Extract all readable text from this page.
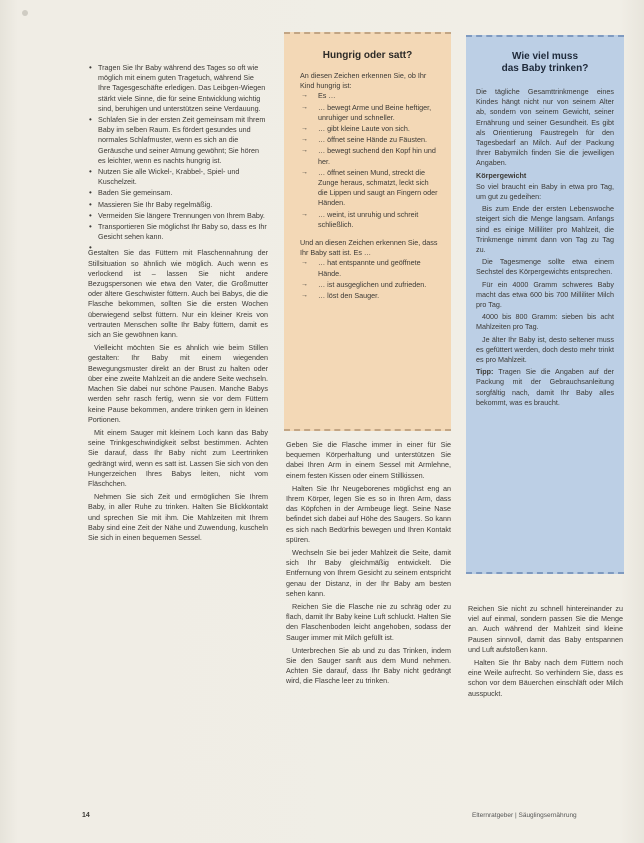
• Tragen Sie Ihr Baby während des Tages so oft wie möglich mit einem guten Tragetuch, während Sie Ihre Tagesgeschäfte erledigen. Das Leibgen-Wiegen stärkt viele Sinne, die für seine Entwicklung wichtig sind, beruhigen und unterstützen seine Verdauung.
• Schlafen Sie in der ersten Zeit gemeinsam mit Ihrem Baby im selben Raum. Es fördert gesundes und normales Schlafmuster, wenn es sich an die Geräusche und seiner Atmung gewöhnt; Sie hören es leichter, wenn es nachts hungrig ist.
• Nutzen Sie alle Wickel-, Krabbel-, Spiel- und Kuschelzeit.
• Baden Sie gemeinsam.
• Massieren Sie Ihr Baby regelmäßig.
• Vermeiden Sie längere Trennungen von Ihrem Baby.
• Transportieren Sie möglichst Ihr Baby so, dass es Ihr Gesicht sehen kann.

Gestalten Sie das Füttern mit Flaschennahrung der Stillsituation so ähnlich wie möglich. Auch wenn es verlockend ist – lassen Sie nicht andere Bezugspersonen wie etwa den Vater, die Großmutter oder ältere Geschwister füttern. Auch bei Babys, die die Flasche bekommen, sollten Sie die ersten Wochen überwiegend selbst füttern. Nur ein kleiner Kreis von vertrauten Menschen sollte Ihr Baby füttern, damit es sich an Sie gewöhnen kann.

Vielleicht möchten Sie es ähnlich wie beim Stillen gestalten: Ihr Baby mit einem wiegenden Bewegungsmuster direkt an der Brust zu halten oder über eine zweite Mahlzeit an die andere Seite wechseln. Machen Sie dabei nur schöne Pausen. Manche Babys werden sehr rasch fertig, wenn sie vor dem Füttern keine Pause bekommen, andere trinken gern in kleinen Portionen.

Mit einem Sauger mit kleinem Loch kann das Baby seine Trinkgeschwindigkeit selbst bestimmen. Achten Sie darauf, dass Ihr Baby nicht zum Leertrinken gedrängt wird, wenn es satt ist. Lassen Sie sich von den Hungerzeichen Ihres Babys leiten, nicht vom Fläschchen.

Nehmen Sie sich Zeit und ermöglichen Sie Ihrem Baby, in aller Ruhe zu trinken. Halten Sie Blickkontakt und sprechen Sie mit ihm. Die Mahlzeiten mit Ihrem Baby sind eine Zeit der Nähe und Zuwendung, kuscheln Sie sich in einen bequemen Sessel.

Hungrig oder satt?

An diesen Zeichen erkennen Sie, ob Ihr Kind hungrig ist:

→ Es …
→ … bewegt Arme und Beine heftiger, unruhiger und schneller.
→ … gibt kleine Laute von sich.
→ … öffnet seine Hände zu Fäusten.
→ … bewegt suchend den Kopf hin und her.
→ … öffnet seinen Mund, streckt die Zunge heraus, schmatzt, leckt sich die Lippen und saugt an Fingern oder Händen.
→ … weint, ist unruhig und schreit schließlich.

Und an diesen Zeichen erkennen Sie, dass Ihr Baby satt ist. Es …

→ … hat entspannte und geöffnete Hände.
→ … ist ausgeglichen und zufrieden.
→ … löst den Sauger.

Geben Sie die Flasche immer in einer für Sie bequemen Körperhaltung und unterstützen Sie dabei Ihren Arm in einem Sessel mit Armlehne, einem festen Kissen oder einem Stillkissen.

Halten Sie Ihr Neugeborenes möglichst eng an Ihrem Körper, legen Sie es so in Ihren Arm, dass das Köpfchen in der Armbeuge liegt. Seine Nase befindet sich dabei auf Höhe des Saugers. So kann es sich nach Bedürfnis bewegen und Ihren Kontakt spüren.

Wechseln Sie bei jeder Mahlzeit die Seite, damit sich Ihr Baby gleichmäßig entwickelt. Die Entfernung von Ihrem Gesicht zu seinem entspricht genau der Distanz, in der Ihr Baby am besten sehen kann.

Reichen Sie die Flasche nie zu schräg oder zu flach, damit Ihr Baby keine Luft schluckt. Halten Sie den Flaschenboden leicht angehoben, sodass der Sauger immer mit Milch gefüllt ist.

Unterbrechen Sie ab und zu das Trinken, indem Sie den Sauger sanft aus dem Mund nehmen. Achten Sie darauf, dass Ihr Baby nicht gedrängt wird, die Flasche leer zu trinken.

Wie viel muss
das Baby trinken?

Die tägliche Gesamttrinkmenge eines Kindes hängt nicht nur von seinem Alter ab, sondern von seinem Gewicht, seiner Ernährung und seiner Gesundheit. Es gibt als Orientierung Faustregeln für den Tagesbedarf an Milch. Auf der Packung Ihrer Babymilch finden Sie die jeweiligen Angaben.

Körpergewicht

So viel braucht ein Baby in etwa pro Tag, um gut zu gedeihen:

Bis zum Ende der ersten Lebenswoche steigert sich die Menge langsam. Anfangs sind es einige Milliliter pro Mahlzeit, die Trinkmenge nimmt dann von Tag zu Tag zu.

Die Tagesmenge sollte etwa einem Sechstel des Körpergewichts entsprechen.

Für ein 4000 Gramm schweres Baby macht das etwa 600 bis 700 Milliliter Milch pro Tag.

4000 bis 800 Gramm: sieben bis acht Mahlzeiten pro Tag.

Je älter Ihr Baby ist, desto seltener muss es gefüttert werden, doch desto mehr trinkt es pro Mahlzeit.

Tipp: Tragen Sie die Angaben auf der Packung mit der Gebrauchsanleitung sorgfältig nach, damit Ihr Baby alles bekommt, was es braucht.

Reichen Sie nicht zu schnell hintereinander zu viel auf einmal, sondern passen Sie die Menge an. Auch während der Mahlzeit sind kleine Pausen sinnvoll, damit das Baby entspannen und Luft aufstoßen kann.

Halten Sie Ihr Baby nach dem Füttern noch eine Weile aufrecht. So verhindern Sie, dass es schon vor dem Bäuerchen einschläft oder Milch ausspuckt.

14	Elternratgeber | Säuglingsernährung
